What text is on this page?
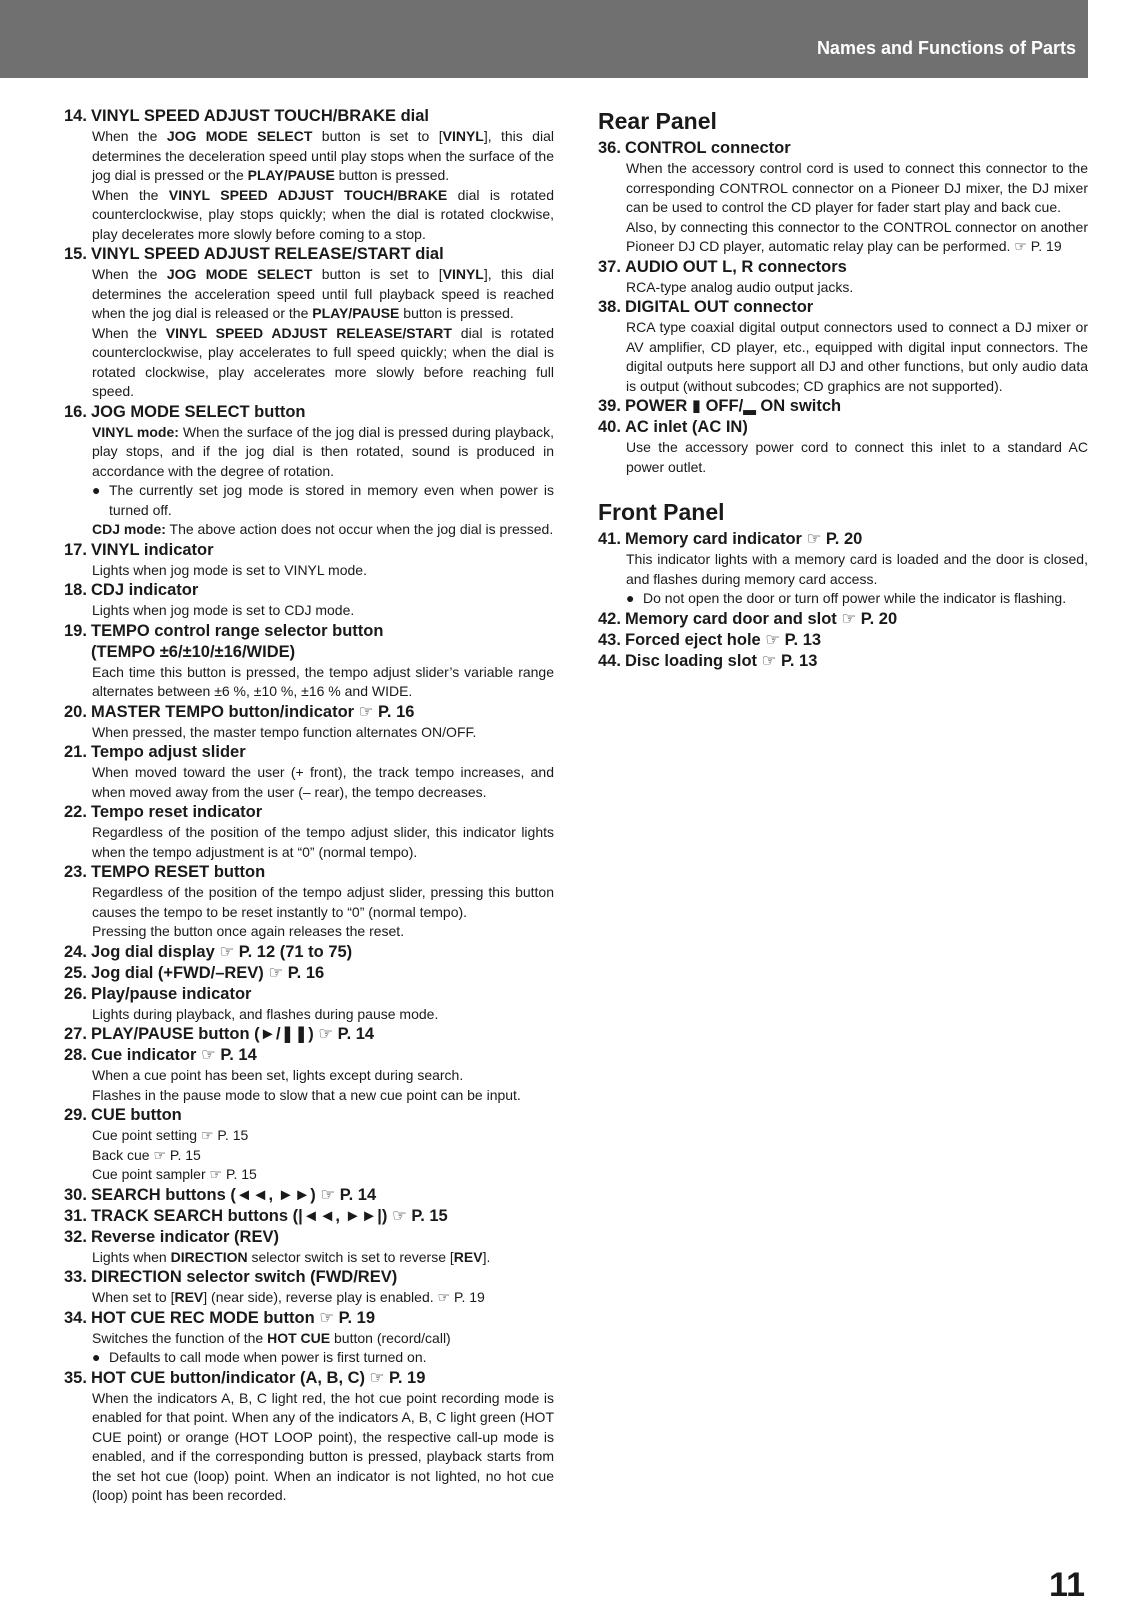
Names and Functions of Parts
14. VINYL SPEED ADJUST TOUCH/BRAKE dial

When the JOG MODE SELECT button is set to [VINYL], this dial determines the deceleration speed until play stops when the surface of the jog dial is pressed or the PLAY/PAUSE button is pressed.

When the VINYL SPEED ADJUST TOUCH/BRAKE dial is rotated counterclockwise, play stops quickly; when the dial is rotated clockwise, play decelerates more slowly before coming to a stop.

15. VINYL SPEED ADJUST RELEASE/START dial

When the JOG MODE SELECT button is set to [VINYL], this dial determines the acceleration speed until full playback speed is reached when the jog dial is released or the PLAY/PAUSE button is pressed.

When the VINYL SPEED ADJUST RELEASE/START dial is rotated counterclockwise, play accelerates to full speed quickly; when the dial is rotated clockwise, play accelerates more slowly before reaching full speed.

16. JOG MODE SELECT button

VINYL mode: When the surface of the jog dial is pressed during playback, play stops, and if the jog dial is then rotated, sound is produced in accordance with the degree of rotation.

● The currently set jog mode is stored in memory even when power is turned off.

CDJ mode: The above action does not occur when the jog dial is pressed.

17. VINYL indicator

Lights when jog mode is set to VINYL mode.

18. CDJ indicator

Lights when jog mode is set to CDJ mode.

19. TEMPO control range selector button
(TEMPO ±6/±10/±16/WIDE)

Each time this button is pressed, the tempo adjust slider’s variable range alternates between ±6 %, ±10 %, ±16 % and WIDE.

20. MASTER TEMPO button/indicator ☞ P. 16

When pressed, the master tempo function alternates ON/OFF.

21. Tempo adjust slider

When moved toward the user (+ front), the track tempo increases, and when moved away from the user (– rear), the tempo decreases.

22. Tempo reset indicator

Regardless of the position of the tempo adjust slider, this indicator lights when the tempo adjustment is at “0” (normal tempo).

23. TEMPO RESET button

Regardless of the position of the tempo adjust slider, pressing this button causes the tempo to be reset instantly to “0” (normal tempo).

Pressing the button once again releases the reset.

24. Jog dial display ☞ P. 12 (71 to 75)
25. Jog dial (+FWD/–REV) ☞ P. 16
26. Play/pause indicator

Lights during playback, and flashes during pause mode.

27. PLAY/PAUSE button (►/❚❚) ☞ P. 14
28. Cue indicator ☞ P. 14

When a cue point has been set, lights except during search.

Flashes in the pause mode to slow that a new cue point can be input.

29. CUE button

Cue point setting ☞ P. 15

Back cue ☞ P. 15

Cue point sampler ☞ P. 15

30. SEARCH buttons (◄◄, ►►) ☞ P. 14
31. TRACK SEARCH buttons (|◄◄, ►►|) ☞ P. 15
32. Reverse indicator (REV)

Lights when DIRECTION selector switch is set to reverse [REV].

33. DIRECTION selector switch (FWD/REV)

When set to [REV] (near side), reverse play is enabled. ☞ P. 19

34. HOT CUE REC MODE button ☞ P. 19

Switches the function of the HOT CUE button (record/call)

● Defaults to call mode when power is first turned on.
35. HOT CUE button/indicator (A, B, C) ☞ P. 19

When the indicators A, B, C light red, the hot cue point recording mode is enabled for that point. When any of the indicators A, B, C light green (HOT CUE point) or orange (HOT LOOP point), the respective call-up mode is enabled, and if the corresponding button is pressed, playback starts from the set hot cue (loop) point. When an indicator is not lighted, no hot cue (loop) point has been recorded.

Rear Panel
36. CONTROL connector

When the accessory control cord is used to connect this connector to the corresponding CONTROL connector on a Pioneer DJ mixer, the DJ mixer can be used to control the CD player for fader start play and back cue.

Also, by connecting this connector to the CONTROL connector on another Pioneer DJ CD player, automatic relay play can be performed. ☞ P. 19

37. AUDIO OUT L, R connectors

RCA-type analog audio output jacks.

38. DIGITAL OUT connector

RCA type coaxial digital output connectors used to connect a DJ mixer or AV amplifier, CD player, etc., equipped with digital input connectors. The digital outputs here support all DJ and other functions, but only audio data is output (without subcodes; CD graphics are not supported).

39. POWER ▮ OFF/▂ ON switch
40. AC inlet (AC IN)

Use the accessory power cord to connect this inlet to a standard AC power outlet.

Front Panel
41. Memory card indicator ☞ P. 20

This indicator lights with a memory card is loaded and the door is closed, and flashes during memory card access.

● Do not open the door or turn off power while the indicator is flashing.
42. Memory card door and slot ☞ P. 20
43. Forced eject hole ☞ P. 13
44. Disc loading slot ☞ P. 13
11
